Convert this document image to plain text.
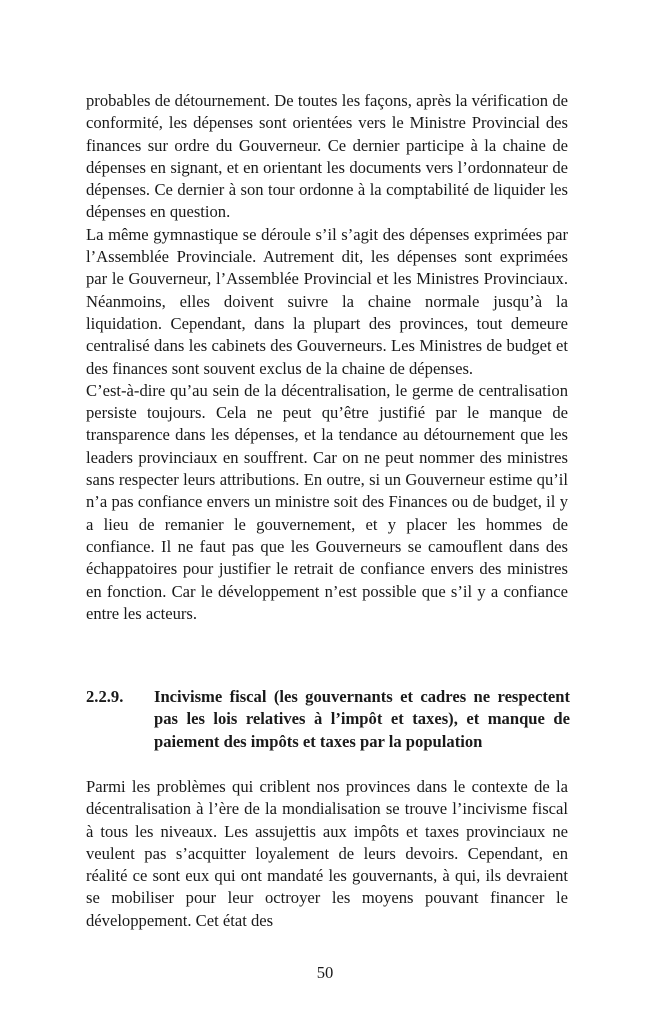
probables de détournement. De toutes les façons, après la vérification de conformité, les dépenses sont orientées vers le Ministre Provincial des finances sur ordre du Gouverneur. Ce dernier participe à la chaine de dépenses en signant, et en orientant les documents vers l’ordonnateur de dépenses. Ce dernier à son tour ordonne à la comptabilité de liquider les dépenses en question.

La même gymnastique se déroule s’il s’agit des dépenses exprimées par l’Assemblée Provinciale. Autrement dit, les dépenses sont exprimées par le Gouverneur, l’Assemblée Provincial et les Ministres Provinciaux. Néanmoins, elles doivent suivre la chaine normale jusqu’à la liquidation. Cependant, dans la plupart des provinces, tout demeure centralisé dans les cabinets des Gouverneurs. Les Ministres de budget et des finances sont souvent exclus de la chaine de dépenses.

C’est-à-dire qu’au sein de la décentralisation, le germe de centralisation persiste toujours. Cela ne peut qu’être justifié par le manque de transparence dans les dépenses, et la tendance au détournement que les leaders provinciaux en souffrent. Car on ne peut nommer des ministres sans respecter leurs attributions. En outre, si un Gouverneur estime qu’il n’a pas confiance envers un ministre soit des Finances ou de budget, il y a lieu de remanier le gouvernement, et y placer les hommes de confiance. Il ne faut pas que les Gouverneurs se camouflent dans des échappatoires pour justifier le retrait de confiance envers des ministres en fonction. Car le développement n’est possible que s’il y a confiance entre les acteurs.

2.2.9.	Incivisme fiscal (les gouvernants et cadres ne respectent pas les lois relatives à l’impôt et taxes), et manque de paiement des impôts et taxes par la population

Parmi les problèmes qui criblent nos provinces dans le contexte de la décentralisation à l’ère de la mondialisation se trouve l’incivisme fiscal à tous les niveaux. Les assujettis aux impôts et taxes provinciaux ne veulent pas s’acquitter loyalement de leurs devoirs. Cependant, en réalité ce sont eux qui ont mandaté les gouvernants, à qui, ils devraient se mobiliser pour leur octroyer les moyens pouvant financer le développement. Cet état des

50
